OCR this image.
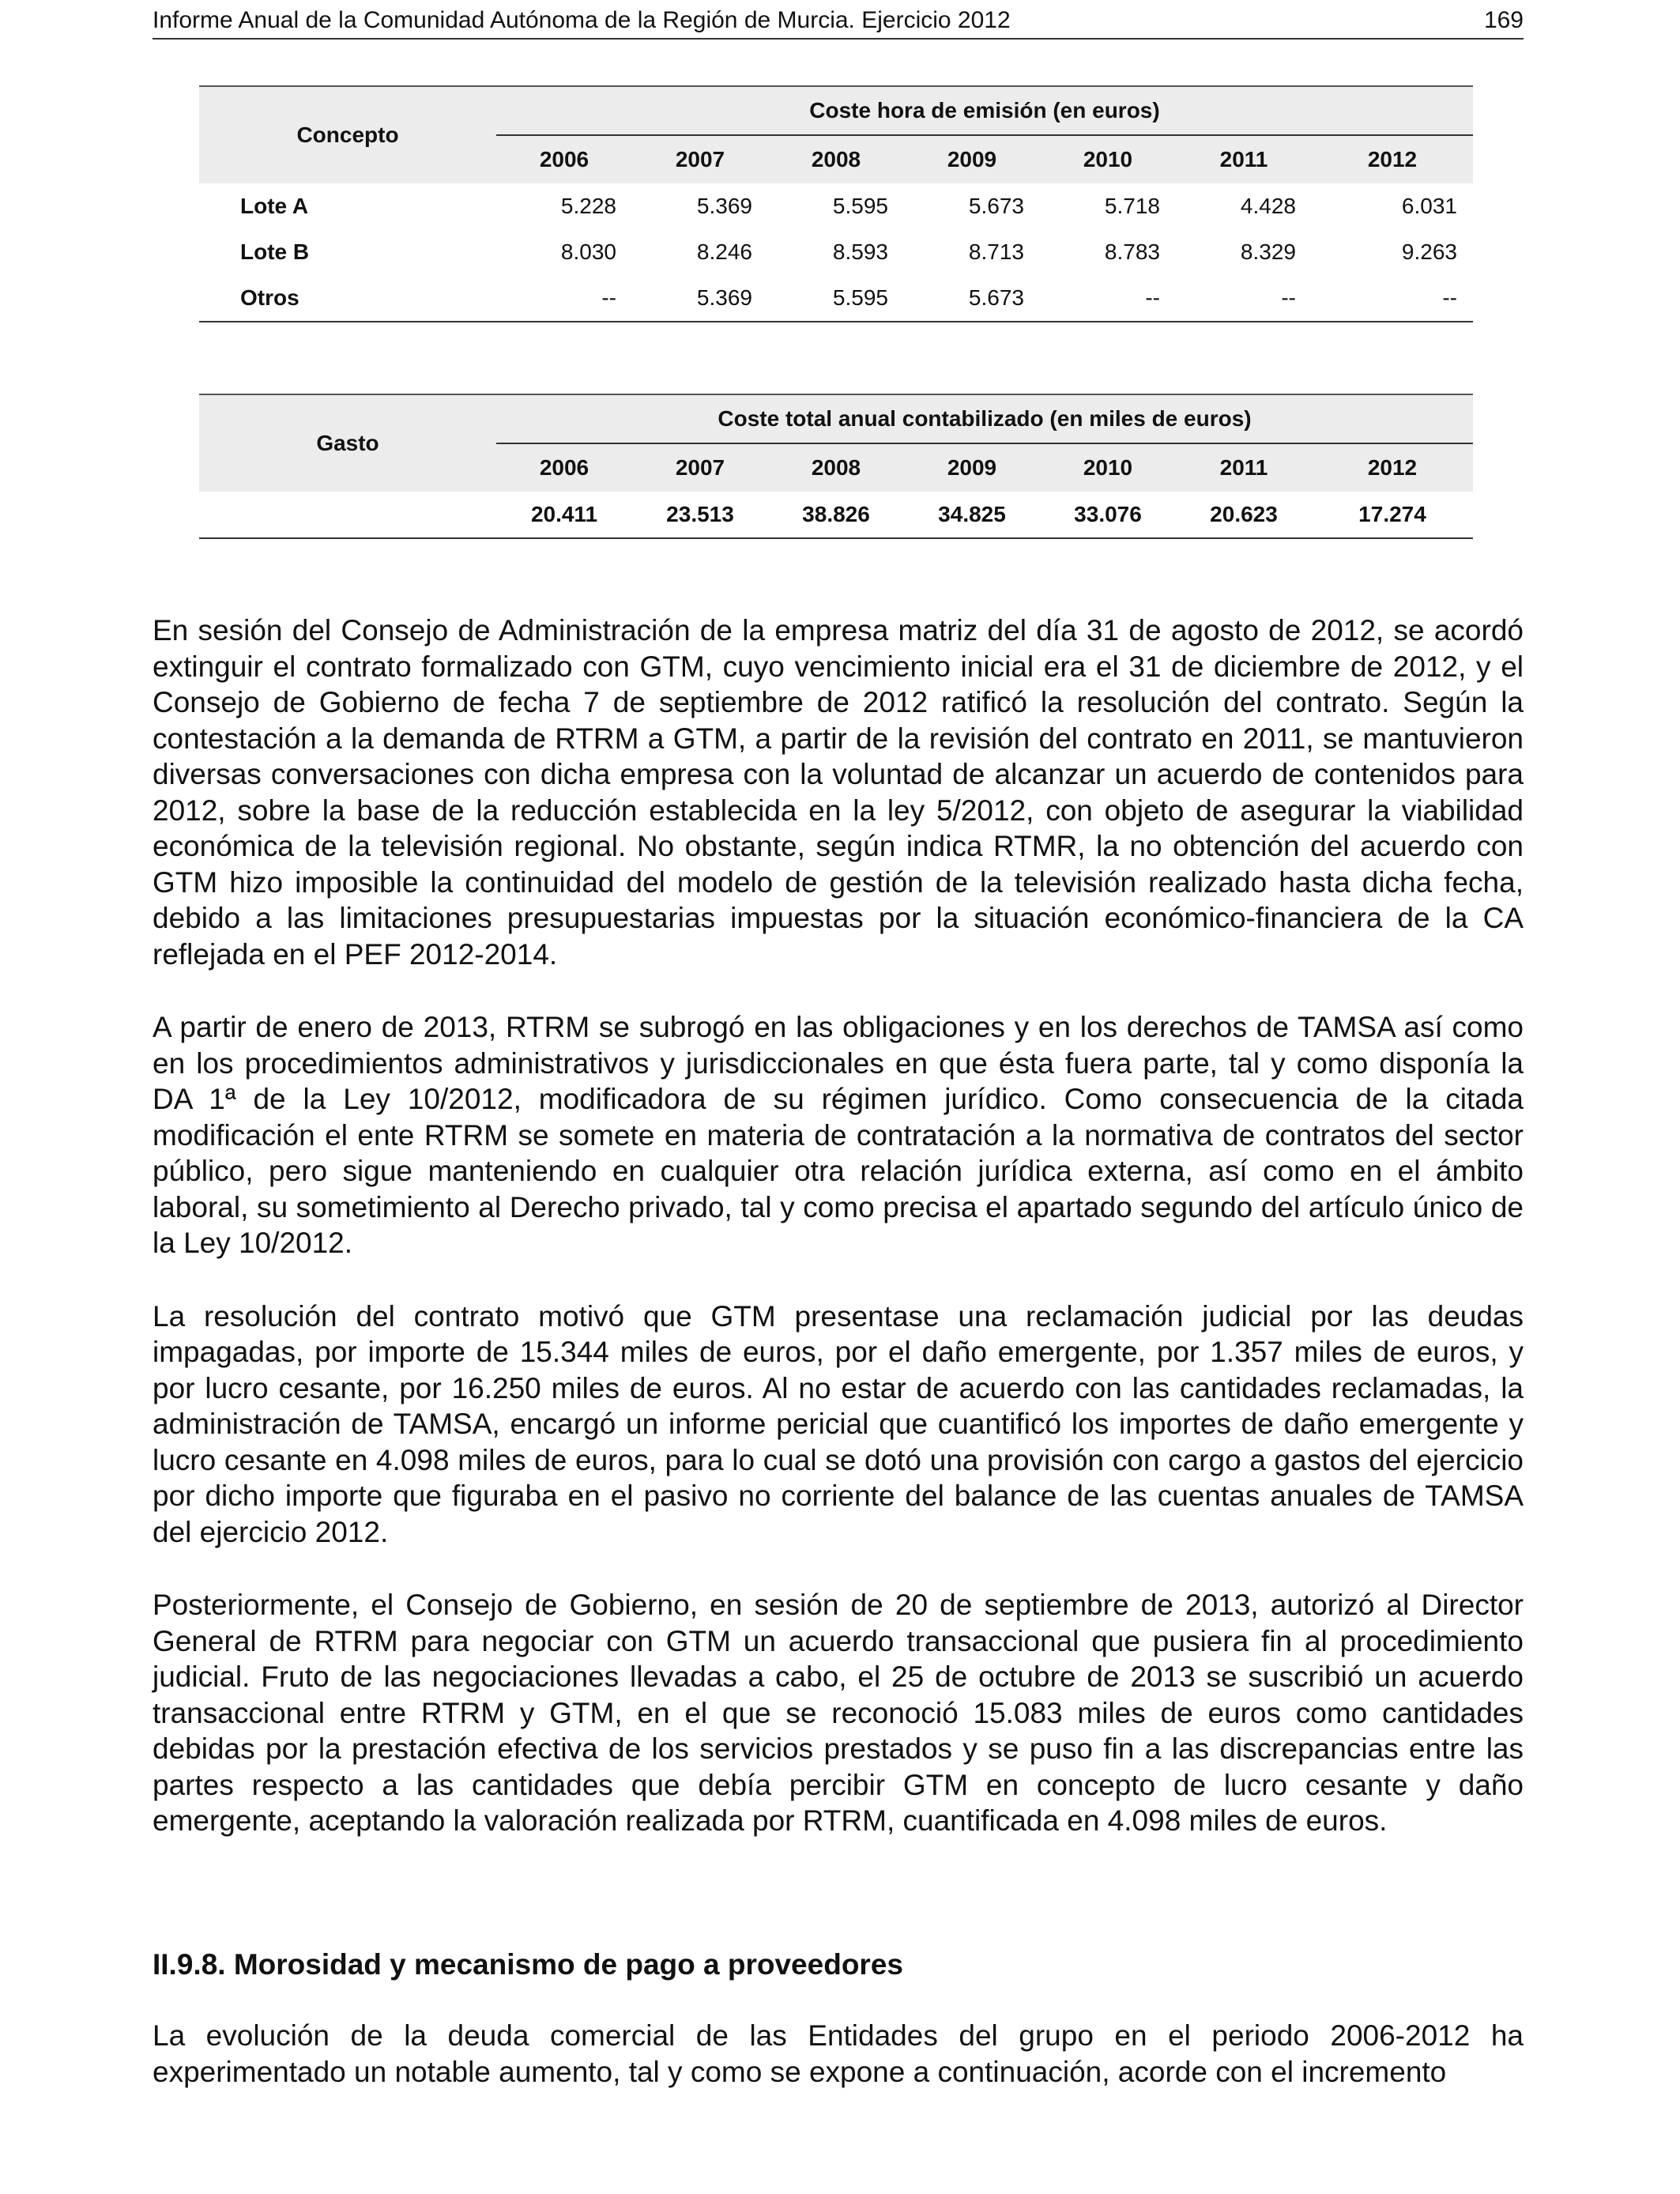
Informe Anual de la Comunidad Autónoma de la Región de Murcia. Ejercicio 2012	169
Concepto	Coste hora de emisión (en euros)						
	2006	2007	2008	2009	2010	2011	2012
Lote A	5.228	5.369	5.595	5.673	5.718	4.428	6.031
Lote B	8.030	8.246	8.593	8.713	8.783	8.329	9.263
Otros	--	5.369	5.595	5.673	--	--	--
Gasto	Coste total anual contabilizado (en miles de euros)						
	2006	2007	2008	2009	2010	2011	2012
	20.411	23.513	38.826	34.825	33.076	20.623	17.274

En sesión del Consejo de Administración de la empresa matriz del día 31 de agosto de 2012, se acordó extinguir el contrato formalizado con GTM, cuyo vencimiento inicial era el 31 de diciembre de 2012, y el Consejo de Gobierno de fecha 7 de septiembre de 2012 ratificó la resolución del contrato. Según la contestación a la demanda de RTRM a GTM, a partir de la revisión del contrato en 2011, se mantuvieron diversas conversaciones con dicha empresa con la voluntad de alcanzar un acuerdo de contenidos para 2012, sobre la base de la reducción establecida en la ley 5/2012, con objeto de asegurar la viabilidad económica de la televisión regional. No obstante, según indica RTMR, la no obtención del acuerdo con GTM hizo imposible la continuidad del modelo de gestión de la televisión realizado hasta dicha fecha, debido a las limitaciones presupuestarias impuestas por la situación económico-financiera de la CA reflejada en el PEF 2012-2014.

A partir de enero de 2013, RTRM se subrogó en las obligaciones y en los derechos de TAMSA así como en los procedimientos administrativos y jurisdiccionales en que ésta fuera parte, tal y como disponía la DA 1ª de la Ley 10/2012, modificadora de su régimen jurídico. Como consecuencia de la citada modificación el ente RTRM se somete en materia de contratación a la normativa de contratos del sector público, pero sigue manteniendo en cualquier otra relación jurídica externa, así como en el ámbito laboral, su sometimiento al Derecho privado, tal y como precisa el apartado segundo del artículo único de la Ley 10/2012.

La resolución del contrato motivó que GTM presentase una reclamación judicial por las deudas impagadas, por importe de 15.344 miles de euros, por el daño emergente, por 1.357 miles de euros, y por lucro cesante, por 16.250 miles de euros. Al no estar de acuerdo con las cantidades reclamadas, la administración de TAMSA, encargó un informe pericial que cuantificó los importes de daño emergente y lucro cesante en 4.098 miles de euros, para lo cual se dotó una provisión con cargo a gastos del ejercicio por dicho importe que figuraba en el pasivo no corriente del balance de las cuentas anuales de TAMSA del ejercicio 2012.

Posteriormente, el Consejo de Gobierno, en sesión de 20 de septiembre de 2013, autorizó al Director General de RTRM para negociar con GTM un acuerdo transaccional que pusiera fin al procedimiento judicial. Fruto de las negociaciones llevadas a cabo, el 25 de octubre de 2013 se suscribió un acuerdo transaccional entre RTRM y GTM, en el que se reconoció 15.083 miles de euros como cantidades debidas por la prestación efectiva de los servicios prestados y se puso fin a las discrepancias entre las partes respecto a las cantidades que debía percibir GTM en concepto de lucro cesante y daño emergente, aceptando la valoración realizada por RTRM, cuantificada en 4.098 miles de euros.

II.9.8. Morosidad y mecanismo de pago a proveedores
La evolución de la deuda comercial de las Entidades del grupo en el periodo 2006-2012 ha experimentado un notable aumento, tal y como se expone a continuación, acorde con el incremento
